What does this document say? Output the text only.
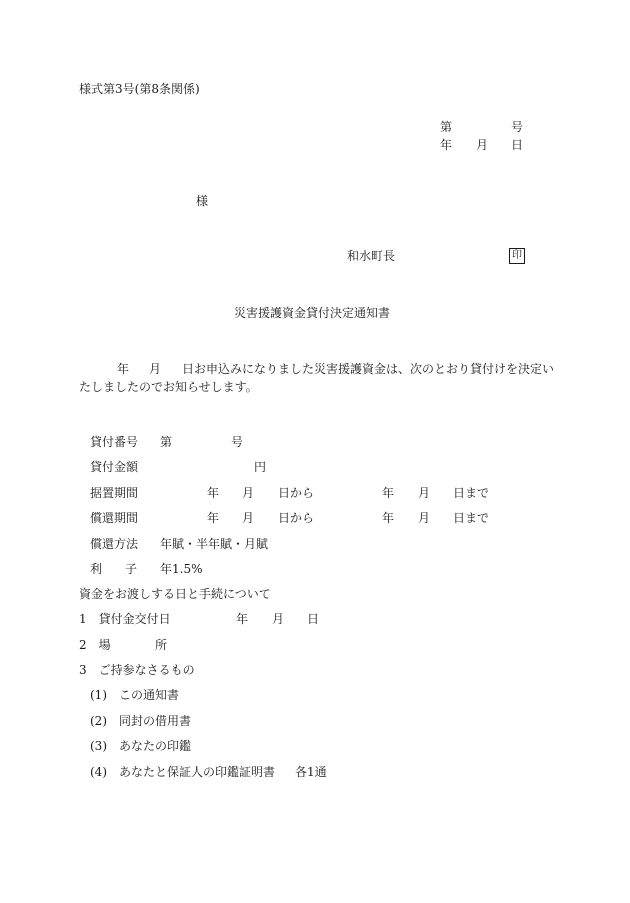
様式第3号(第8条関係)
第	号
年 月 日
様
和水町長	印
災害援護資金貸付決定通知書
年 月 日お申込みになりました災害援護資金は、次のとおり貸付けを決定い
たしましたのでお知らせします。
貸付番号 第	号
貸付金額	円
据置期間	年 月 日から	年 月 日まで
償還期間	年 月 日から	年 月 日まで
償還方法 年賦・半年賦・月賦
利 子 年1.5%
資金をお渡しする日と手続について
1　貸付金交付日	年 月 日
2　場	所
3　ご持参なさるもの
(1) この通知書
(2) 同封の借用書
(3) あなたの印鑑
(4) あなたと保証人の印鑑証明書 各1通
